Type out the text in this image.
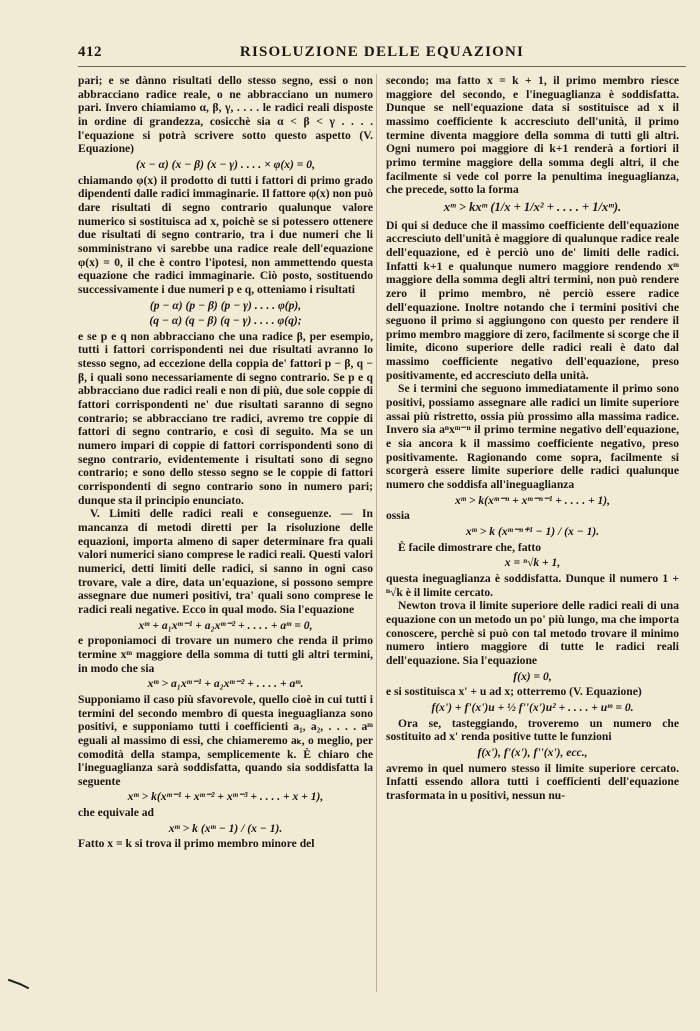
412	RISOLUZIONE DELLE EQUAZIONI

pari; e se dànno risultati dello stesso segno, essi o non abbracciano radice reale, o ne abbracciano un numero pari. Invero chiamiamo α, β, γ, . . . . le radici reali disposte in ordine di grandezza, cosicchè sia α < β < γ . . . . l'equazione si potrà scrivere sotto questo aspetto (V. Equazione)

(x − α) (x − β) (x − γ) . . . . × φ(x) = 0,

chiamando φ(x) il prodotto di tutti i fattori di primo grado dipendenti dalle radici immaginarie. Il fattore φ(x) non può dare risultati di segno contrario qualunque valore numerico si sostituisca ad x, poichè se si potessero ottenere due risultati di segno contrario, tra i due numeri che li somministrano vi sarebbe una radice reale dell'equazione φ(x) = 0, il che è contro l'ipotesi, non ammettendo questa equazione che radici immaginarie. Ciò posto, sostituendo successivamente i due numeri p e q, otteniamo i risultati

(p − α) (p − β) (p − γ) . . . . φ(p),
(q − α) (q − β) (q − γ) . . . . φ(q);

e se p e q non abbracciano che una radice β, per esempio, tutti i fattori corrispondenti nei due risultati avranno lo stesso segno, ad eccezione della coppia de' fattori p − β, q − β, i quali sono necessariamente di segno contrario. Se p e q abbracciano due radici reali e non di più, due sole coppie di fattori corrispondenti ne' due risultati saranno di segno contrario; se abbracciano tre radici, avremo tre coppie di fattori di segno contrario, e così di seguito. Ma se un numero impari di coppie di fattori corrispondenti sono di segno contrario, evidentemente i risultati sono di segno contrario; e sono dello stesso segno se le coppie di fattori corrispondenti di segno contrario sono in numero pari; dunque sta il principio enunciato.

V. Limiti delle radici reali e conseguenze. — In mancanza di metodi diretti per la risoluzione delle equazioni, importa almeno di saper determinare fra quali valori numerici siano comprese le radici reali. Questi valori numerici, detti limiti delle radici, si sanno in ogni caso trovare, vale a dire, data un'equazione, si possono sempre assegnare due numeri positivi, tra' quali sono comprese le radici reali negative. Ecco in qual modo. Sia l'equazione

xᵐ + a₁xᵐ⁻¹ + a₂xᵐ⁻² + . . . . + aᵐ = 0,

e proponiamoci di trovare un numero che renda il primo termine xᵐ maggiore della somma di tutti gli altri termini, in modo che sia

xᵐ > a₁xᵐ⁻¹ + a₂xᵐ⁻² + . . . . + aᵐ.

Supponiamo il caso più sfavorevole, quello cioè in cui tutti i termini del secondo membro di questa ineguaglianza sono positivi, e supponiamo tutti i coefficienti a₁, a₂, . . . . aᵐ eguali al massimo di essi, che chiameremo aₖ, o meglio, per comodità della stampa, semplicemente k. È chiaro che l'ineguaglianza sarà soddisfatta, quando sia soddisfatta la seguente

xᵐ > k(xᵐ⁻¹ + xᵐ⁻² + xᵐ⁻³ + . . . . + x + 1),

che equivale ad

xᵐ > k (xᵐ − 1) / (x − 1).

Fatto x = k si trova il primo membro minore del

secondo; ma fatto x = k + 1, il primo membro riesce maggiore del secondo, e l'ineguaglianza è soddisfatta. Dunque se nell'equazione data si sostituisce ad x il massimo coefficiente k accresciuto dell'unità, il primo termine diventa maggiore della somma di tutti gli altri. Ogni numero poi maggiore di k+1 renderà a fortiori il primo termine maggiore della somma degli altri, il che facilmente si vede col porre la penultima ineguaglianza, che precede, sotto la forma

xᵐ > kxᵐ (1/x + 1/x² + . . . . + 1/xᵐ).

Di qui si deduce che il massimo coefficiente dell'equazione accresciuto dell'unità è maggiore di qualunque radice reale dell'equazione, ed è perciò uno de' limiti delle radici. Infatti k+1 e qualunque numero maggiore rendendo xᵐ maggiore della somma degli altri termini, non può rendere zero il primo membro, nè perciò essere radice dell'equazione. Inoltre notando che i termini positivi che seguono il primo si aggiungono con questo per rendere il primo membro maggiore di zero, facilmente si scorge che il limite, dicono superiore delle radici reali è dato dal massimo coefficiente negativo dell'equazione, preso positivamente, ed accresciuto della unità.

Se i termini che seguono immediatamente il primo sono positivi, possiamo assegnare alle radici un limite superiore assai più ristretto, ossia più prossimo alla massima radice. Invero sia aⁿxᵐ⁻ⁿ il primo termine negativo dell'equazione, e sia ancora k il massimo coefficiente negativo, preso positivamente. Ragionando come sopra, facilmente si scorgerà essere limite superiore delle radici qualunque numero che soddisfa all'ineguaglianza

xᵐ > k(xᵐ⁻ⁿ + xᵐ⁻ⁿ⁻¹ + . . . . + 1),

ossia

xᵐ > k (xᵐ⁻ⁿ⁺¹ − 1) / (x − 1).

È facile dimostrare che, fatto

x = ⁿ√k + 1,

questa ineguaglianza è soddisfatta. Dunque il numero 1 + ⁿ√k è il limite cercato.

Newton trova il limite superiore delle radici reali di una equazione con un metodo un po' più lungo, ma che importa conoscere, perchè si può con tal metodo trovare il minimo numero intiero maggiore di tutte le radici reali dell'equazione. Sia l'equazione

f(x) = 0,

e si sostituisca x' + u ad x; otterremo (V. Equazione)

f(x') + f'(x')u + ½ f''(x')u² + . . . . + uᵐ = 0.

Ora se, tasteggiando, troveremo un numero che sostituito ad x' renda positive tutte le funzioni

f(x'), f'(x'), f''(x'), ecc.,

avremo in quel numero stesso il limite superiore cercato. Infatti essendo allora tutti i coefficienti dell'equazione trasformata in u positivi, nessun nu-
